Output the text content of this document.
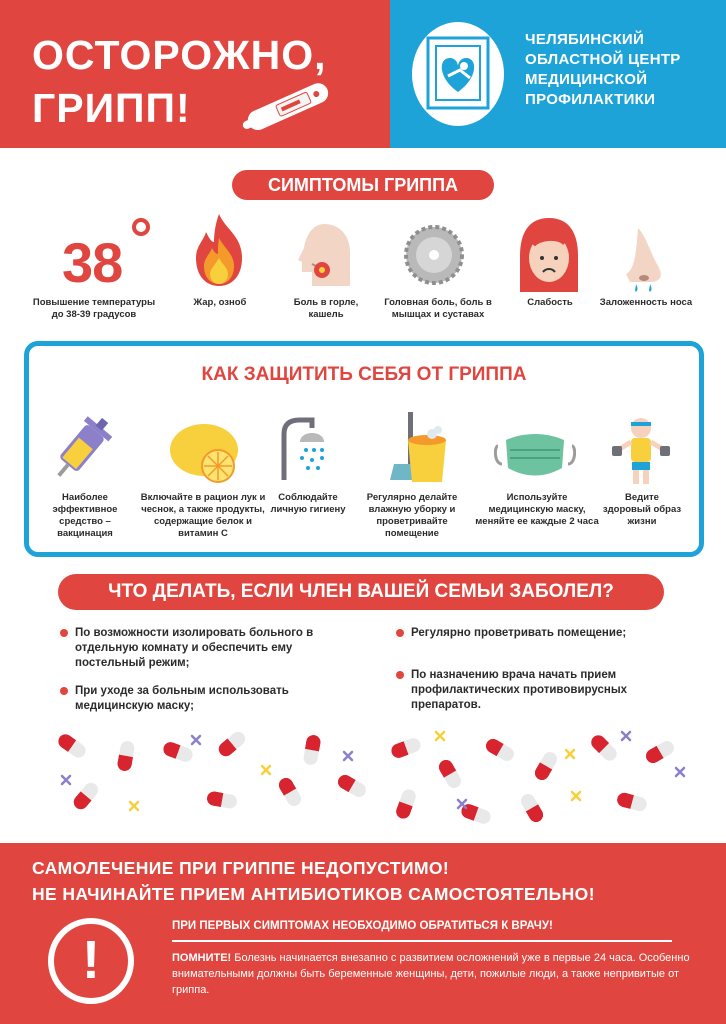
ОСТОРОЖНО,
ГРИПП!
ЧЕЛЯБИНСКИЙ ОБЛАСТНОЙ ЦЕНТР МЕДИЦИНСКОЙ ПРОФИЛАКТИКИ
СИМПТОМЫ ГРИППА
38
Повышение температуры до 38-39 градусов
Жар, озноб	Боль в горле, кашель
Головная боль, боль в мышцах и суставах
Слабость	Заложенность носа
КАК ЗАЩИТИТЬ СЕБЯ ОТ ГРИППА
Наиболее эффективное средство – вакцинация
Включайте в рацион лук и чеснок, а также продукты, содержащие белок и витамин С
Соблюдайте личную гигиену
Регулярно делайте влажную уборку и проветривайте помещение
Используйте медицинскую маску, меняйте ее каждые 2 часа
Ведите здоровый образ жизни
ЧТО ДЕЛАТЬ, ЕСЛИ ЧЛЕН ВАШЕЙ СЕМЬИ ЗАБОЛЕЛ?
По возможности изолировать больного в отдельную комнату и обеспечить ему постельный режим;
При уходе за больным использовать медицинскую маску;
Регулярно проветривать помещение;
По назначению врача начать прием профилактических противовирусных препаратов.
САМОЛЕЧЕНИЕ ПРИ ГРИППЕ НЕДОПУСТИМО!
НЕ НАЧИНАЙТЕ ПРИЕМ АНТИБИОТИКОВ САМОСТОЯТЕЛЬНО!
!
ПРИ ПЕРВЫХ СИМПТОМАХ НЕОБХОДИМО ОБРАТИТЬСЯ К ВРАЧУ!
ПОМНИТЕ! Болезнь начинается внезапно с развитием осложнений уже в первые 24 часа. Особенно внимательными должны быть беременные женщины, дети, пожилые люди, а также непривитые от гриппа.
